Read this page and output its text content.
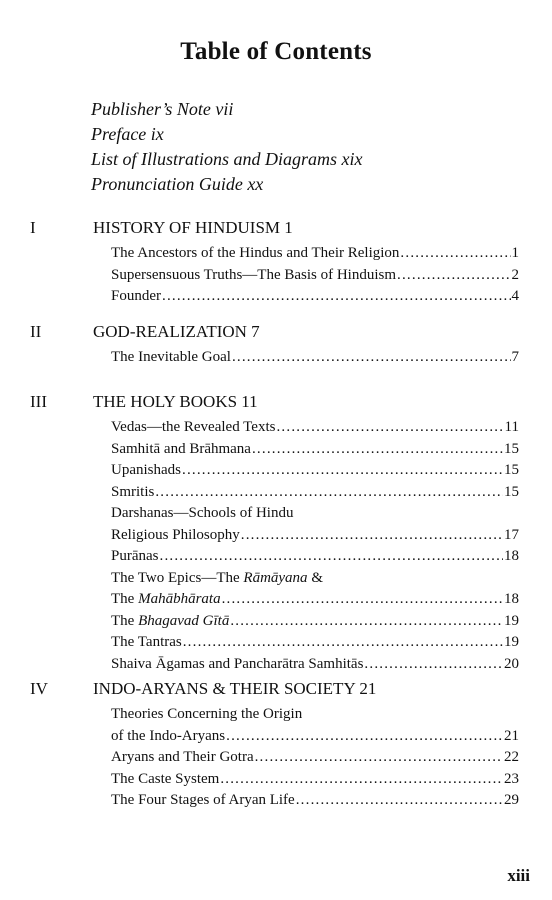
Table of Contents
Publisher’s Note vii
Preface ix
List of Illustrations and Diagrams xix
Pronunciation Guide xx
I	HISTORY OF HINDUISM 1
The Ancestors of the Hindus and Their Religion .....	1
Supersensuous Truths—The Basis of Hinduism .....	2
Founder .....	4
II	GOD-REALIZATION 7
The Inevitable Goal .....	7
III	THE HOLY BOOKS 11
Vedas—the Revealed Texts .....	11
Samhitā and Brāhmana .....	15
Upanishads .....	15
Smritis .....	15
Darshanas—Schools of Hindu
Religious Philosophy .....	17
Purānas .....	18
The Two Epics—The Rāmāyana &
The Mahābhārata .....	18
The Bhagavad Gītā .....	19
The Tantras .....	19
Shaiva Āgamas and Pancharātra Samhitās .....	20
IV	INDO-ARYANS & THEIR SOCIETY 21
Theories Concerning the Origin
of the Indo-Aryans .....	21
Aryans and Their Gotra .....	22
The Caste System .....	23
The Four Stages of Aryan Life .....	29
xiii
